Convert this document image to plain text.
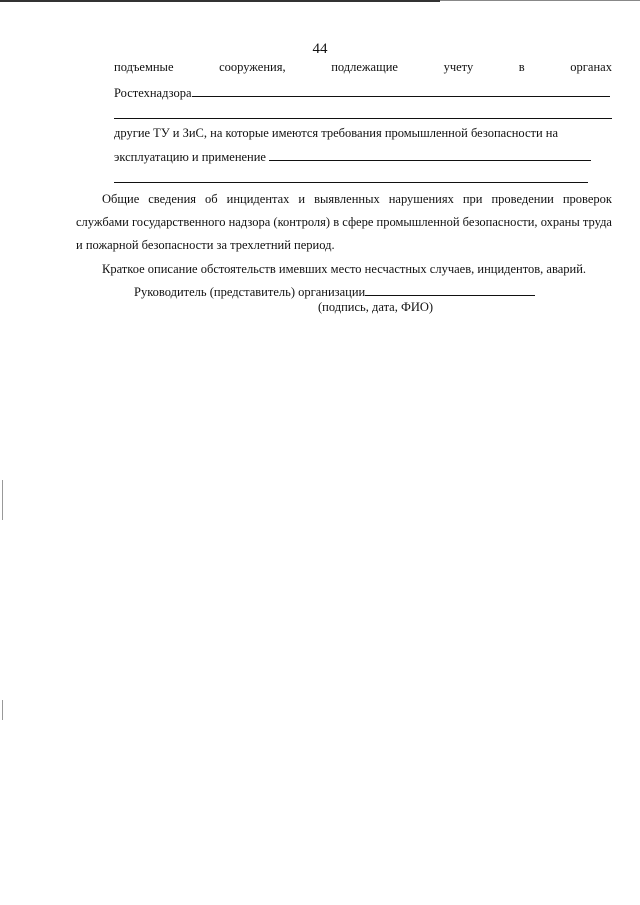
44
подъемные	сооружения,	подлежащие	учету	в	органах
Ростехнадзора
другие ТУ и ЗиС, на которые имеются требования промышленной безопасности на
эксплуатацию и применение
Общие сведения об инцидентах и выявленных нарушениях при проведении проверок службами государственного надзора (контроля) в сфере промышленной безопасности, охраны труда и пожарной безопасности за трехлетний период.
Краткое описание обстоятельств имевших место несчастных случаев, инцидентов, аварий.
Руководитель (представитель) организации
(подпись, дата, ФИО)
